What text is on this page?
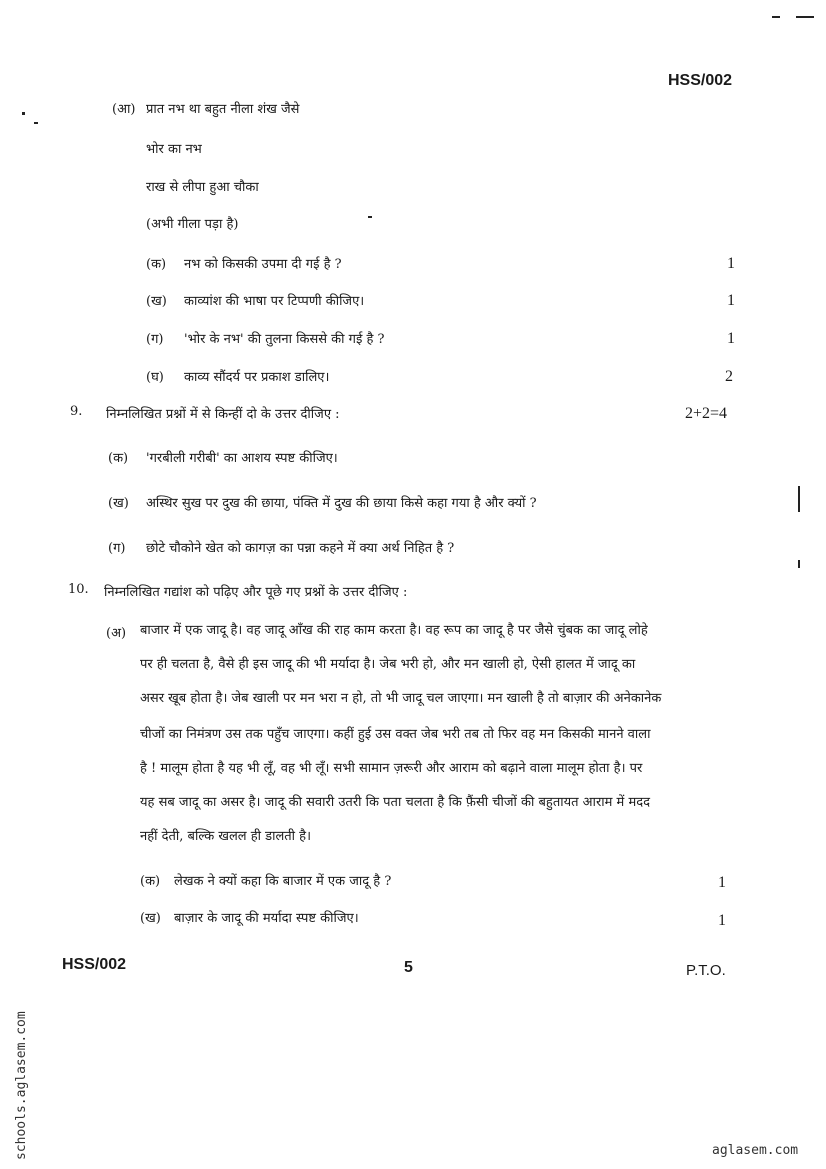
HSS/002
(आ) प्रात नभ था बहुत नीला शंख जैसे
भोर का नभ
राख से लीपा हुआ चौका
(अभी गीला पड़ा है)
(क) नभ को किसकी उपमा दी गई है ?	1
(ख) काव्यांश की भाषा पर टिप्पणी कीजिए।	1
(ग) 'भोर के नभ' की तुलना किससे की गई है ?	1
(घ) काव्य सौंदर्य पर प्रकाश डालिए।	2
9. निम्नलिखित प्रश्नों में से किन्हीं दो के उत्तर दीजिए :	2+2=4
(क) 'गरबीली गरीबी' का आशय स्पष्ट कीजिए।
(ख) अस्थिर सुख पर दुख की छाया, पंक्ति में दुख की छाया किसे कहा गया है और क्यों ?
(ग) छोटे चौकोने खेत को कागज़ का पन्ना कहने में क्या अर्थ निहित है ?
10. निम्नलिखित गद्यांश को पढ़िए और पूछे गए प्रश्नों के उत्तर दीजिए :
(अ) बाजार में एक जादू है। वह जादू आँख की राह काम करता है। वह रूप का जादू है पर जैसे चुंबक का जादू लोहे
पर ही चलता है, वैसे ही इस जादू की भी मर्यादा है। जेब भरी हो, और मन खाली हो, ऐसी हालत में जादू का
असर खूब होता है। जेब खाली पर मन भरा न हो, तो भी जादू चल जाएगा। मन खाली है तो बाज़ार की अनेकानेक
चीजों का निमंत्रण उस तक पहुँच जाएगा। कहीं हुई उस वक्त जेब भरी तब तो फिर वह मन किसकी मानने वाला
है ! मालूम होता है यह भी लूँ, वह भी लूँ। सभी सामान ज़रूरी और आराम को बढ़ाने वाला मालूम होता है। पर
यह सब जादू का असर है। जादू की सवारी उतरी कि पता चलता है कि फ़ैंसी चीजों की बहुतायत आराम में मदद
नहीं देती, बल्कि खलल ही डालती है।
(क) लेखक ने क्यों कहा कि बाजार में एक जादू है ?	1
(ख) बाज़ार के जादू की मर्यादा स्पष्ट कीजिए।	1
HSS/002	5	P.T.O.
schools.aglasem.com	aglasem.com
